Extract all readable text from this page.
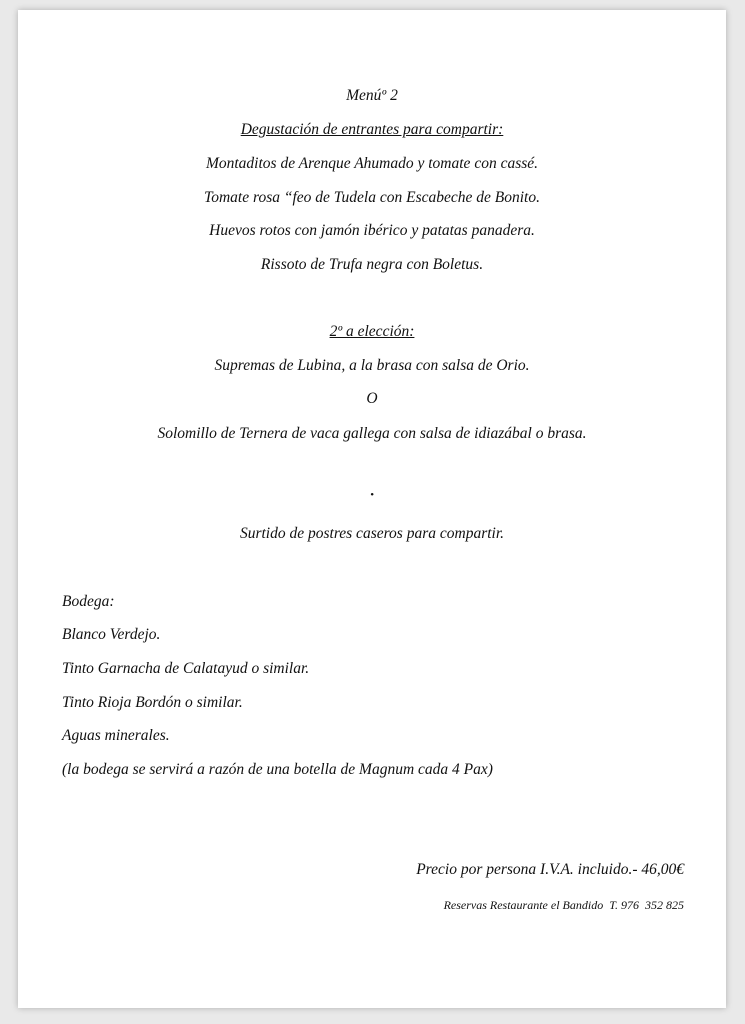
Menúº 2
Degustación de entrantes para compartir:
Montaditos de Arenque Ahumado y tomate con cassé.
Tomate rosa “feo de Tudela con Escabeche de Bonito.
Huevos rotos con jamón ibérico y patatas panadera.
Rissoto de Trufa negra con Boletus.
2º a elección:
Supremas de Lubina, a la brasa con salsa de Orio.
O
Solomillo de Ternera de vaca gallega con salsa de idiazábal o brasa.
•
Surtido de postres caseros para compartir.
Bodega:
Blanco Verdejo.
Tinto Garnacha de Calatayud o similar.
Tinto Rioja Bordón o similar.
Aguas minerales.
(la bodega se servirá a razón de una botella de Magnum cada 4 Pax)
Precio por persona I.V.A. incluido.- 46,00€
Reservas Restaurante el Bandido  T. 976  352 825
